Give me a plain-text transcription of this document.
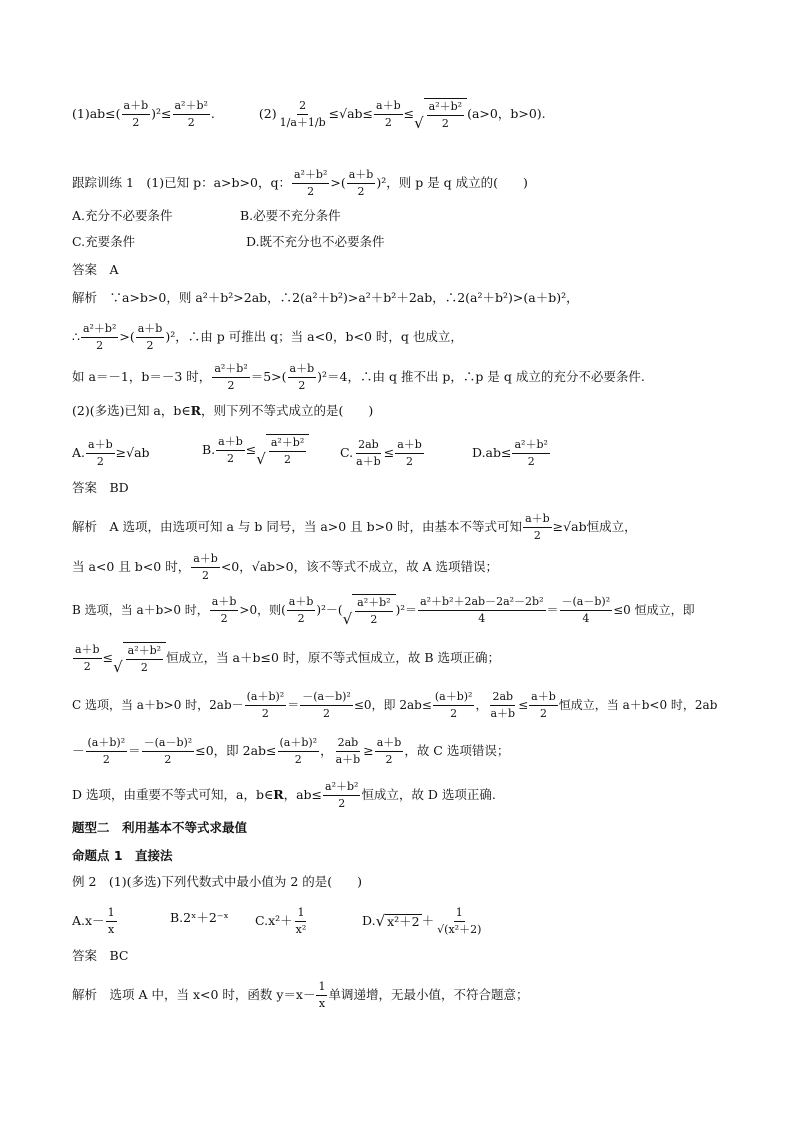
$(1)ab\le( \frac{a+b}{2} )^2\le \frac{\text{a²＋b²}}{2}$ .	$(2) \frac{2}{1/a+1/b} \le√ab\le \frac{a+b}{2}$ ≤ √ $\frac{\text{a²＋b²}}{2} (a>0$，b>0).
跟踪训练 1　(1)已知 p：a>b>0，q： $\frac{\text{a²＋b²}}{2}$ >( $\frac{a+b}{2} )^2$，则 p 是 q 成立的(　　)
A.充分不必要条件	B.必要不充分条件
C.充要条件	D.既不充分也不必要条件
答案　A
解析　∵a>b>0，则 a²＋b²>2ab，∴2(a²＋b²)>a²＋b²＋2ab，∴2(a²＋b²)>(a＋b)²，
∴ $\frac{\text{a²＋b²}}{2}$ >( $\frac{a+b}{2} )^2$，∴由 p 可推出 q；当 a<0，b<0 时，q 也成立，
如 a＝－1，b＝－3 时， $\frac{\text{a²＋b²}}{2} =5>( \frac{a+b}{2} )^2=4$，∴由 q 推不出 p，∴p 是 q 成立的充分不必要条件.
(2)(多选)已知 a，b∈ R ，则下列不等式成立的是(　　)
A. $\frac{a+b}{2} \ge√ab$	B. $\frac{a+b}{2}$ ≤ √ $\frac{\text{a²＋b²}}{2}$	C. $\frac{2ab}{a+b} \le \frac{a+b}{2}$	$D.ab\le \frac{\text{a²＋b²}}{2}$
答案　BD
解析　A 选项，由选项可知 a 与 b 同号，当 a>0 且 b>0 时，由基本不等式可知 $\frac{a+b}{2} \ge√ab$恒成立，
当 a<0 且 b<0 时， $\frac{a+b}{2} <0$，√ab>0，该不等式不成立，故 A 选项错误；
B 选项，当 a＋b>0 时， $\frac{a+b}{2} >0$，则( $\frac{a+b}{2} )^2-$( √ $\frac{\text{a²＋b²}}{2} )^2= \frac{\text{a²＋b²＋2ab－2a²－2b²}}{4} = \frac{\text{－(a－b)²}}{4} \le 0$ 恒成立，即
$\frac{a+b}{2}$ ≤ √ $\frac{\text{a²＋b²}}{2}$ 恒成立，当 a＋b≤0 时，原不等式恒成立，故 B 选项正确；
C 选项，当 a＋b>0 时，$2ab- \frac{\text{(a＋b)²}}{2} = \frac{\text{－(a－b)²}}{2} \le 0$，即 $2ab\le \frac{\text{(a＋b)²}}{2}$ ， $\frac{2ab}{a+b} \le \frac{a+b}{2}$ 恒成立，当 a＋b<0 时，2ab
－ $\frac{\text{(a＋b)²}}{2} = \frac{\text{－(a－b)²}}{2} \le 0$，即 $2ab\le \frac{\text{(a＋b)²}}{2}$ ， $\frac{2ab}{a+b} \ge \frac{a+b}{2}$ ，故 C 选项错误；
D 选项，由重要不等式可知，a，b∈ R ，$ab\le \frac{\text{a²＋b²}}{2}$ 恒成立，故 D 选项正确.
题型二　利用基本不等式求最值
命题点 1　直接法
例 2　(1)(多选)下列代数式中最小值为 2 的是(　　)
$A.x- \frac{1}{x}$	B.2ˣ＋2⁻ˣ $C.x^2+ \frac{1}{\text{x²}}$	D. √ $x^2+2 + \frac{1}{\text{√(x²＋2)}}$
答案　BC
解析　选项 A 中，当 x<0 时，函数 $y=x- \frac{1}{x}$ 单调递增，无最小值，不符合题意；
